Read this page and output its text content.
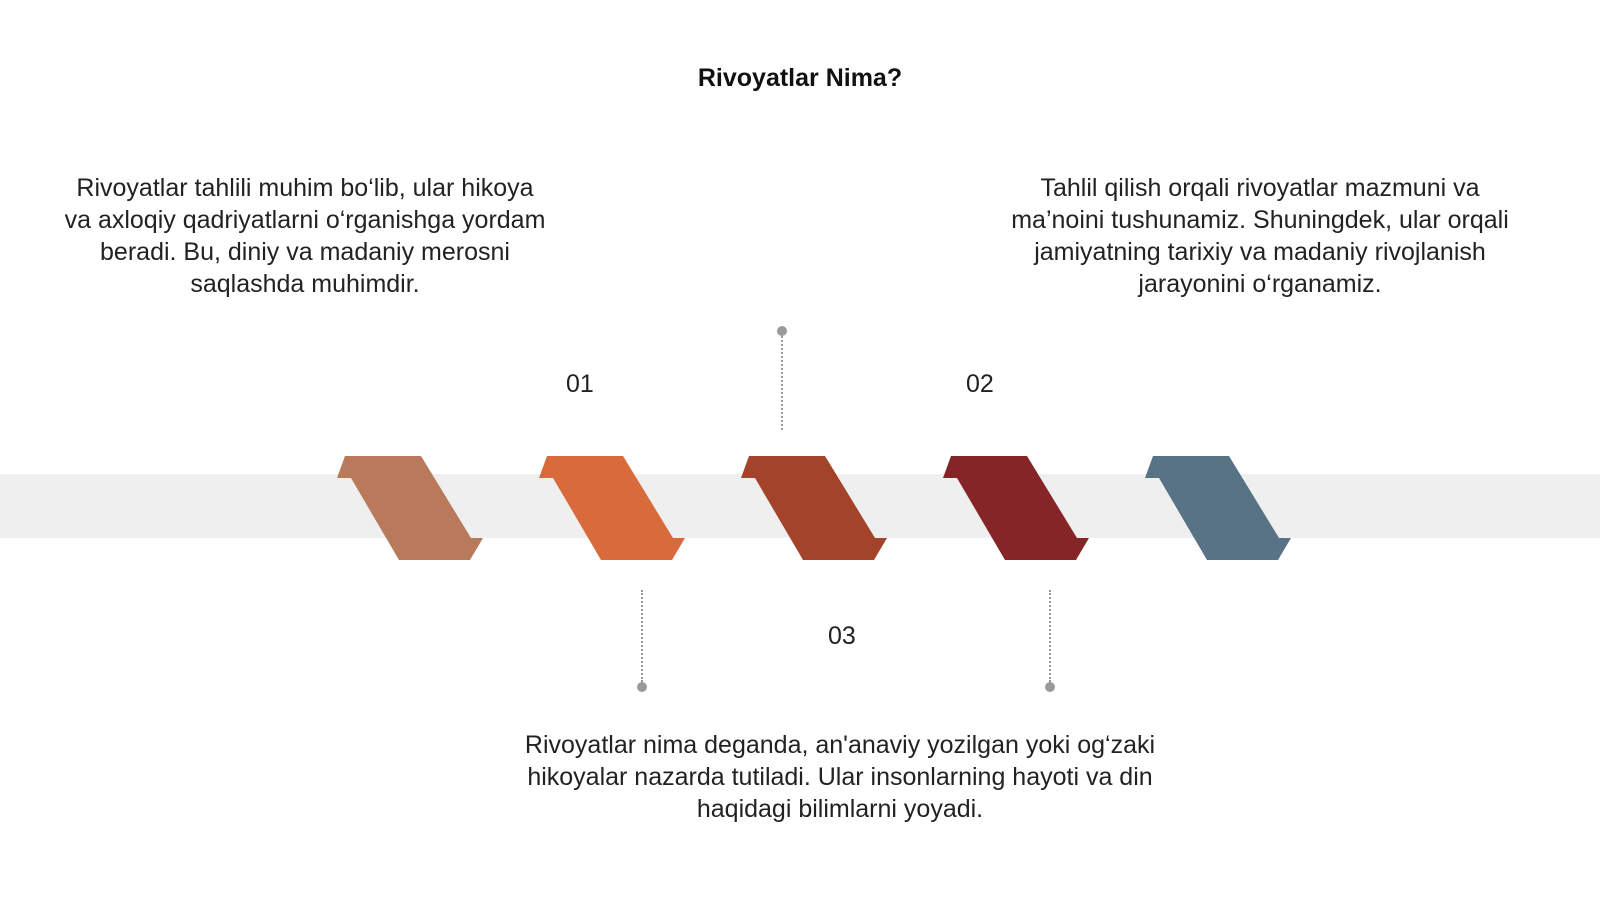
Rivoyatlar Nima?
Rivoyatlar tahlili muhim bo‘lib, ular hikoya va axloqiy qadriyatlarni o‘rganishga yordam beradi. Bu, diniy va madaniy merosni saqlashda muhimdir.
Tahlil qilish orqali rivoyatlar mazmuni va ma’noini tushunamiz. Shuningdek, ular orqali jamiyatning tarixiy va madaniy rivojlanish jarayonini o‘rganamiz.
Rivoyatlar nima deganda, an'anaviy yozilgan yoki og‘zaki hikoyalar nazarda tutiladi. Ular insonlarning hayoti va din haqidagi bilimlarni yoyadi.
01	02
03
